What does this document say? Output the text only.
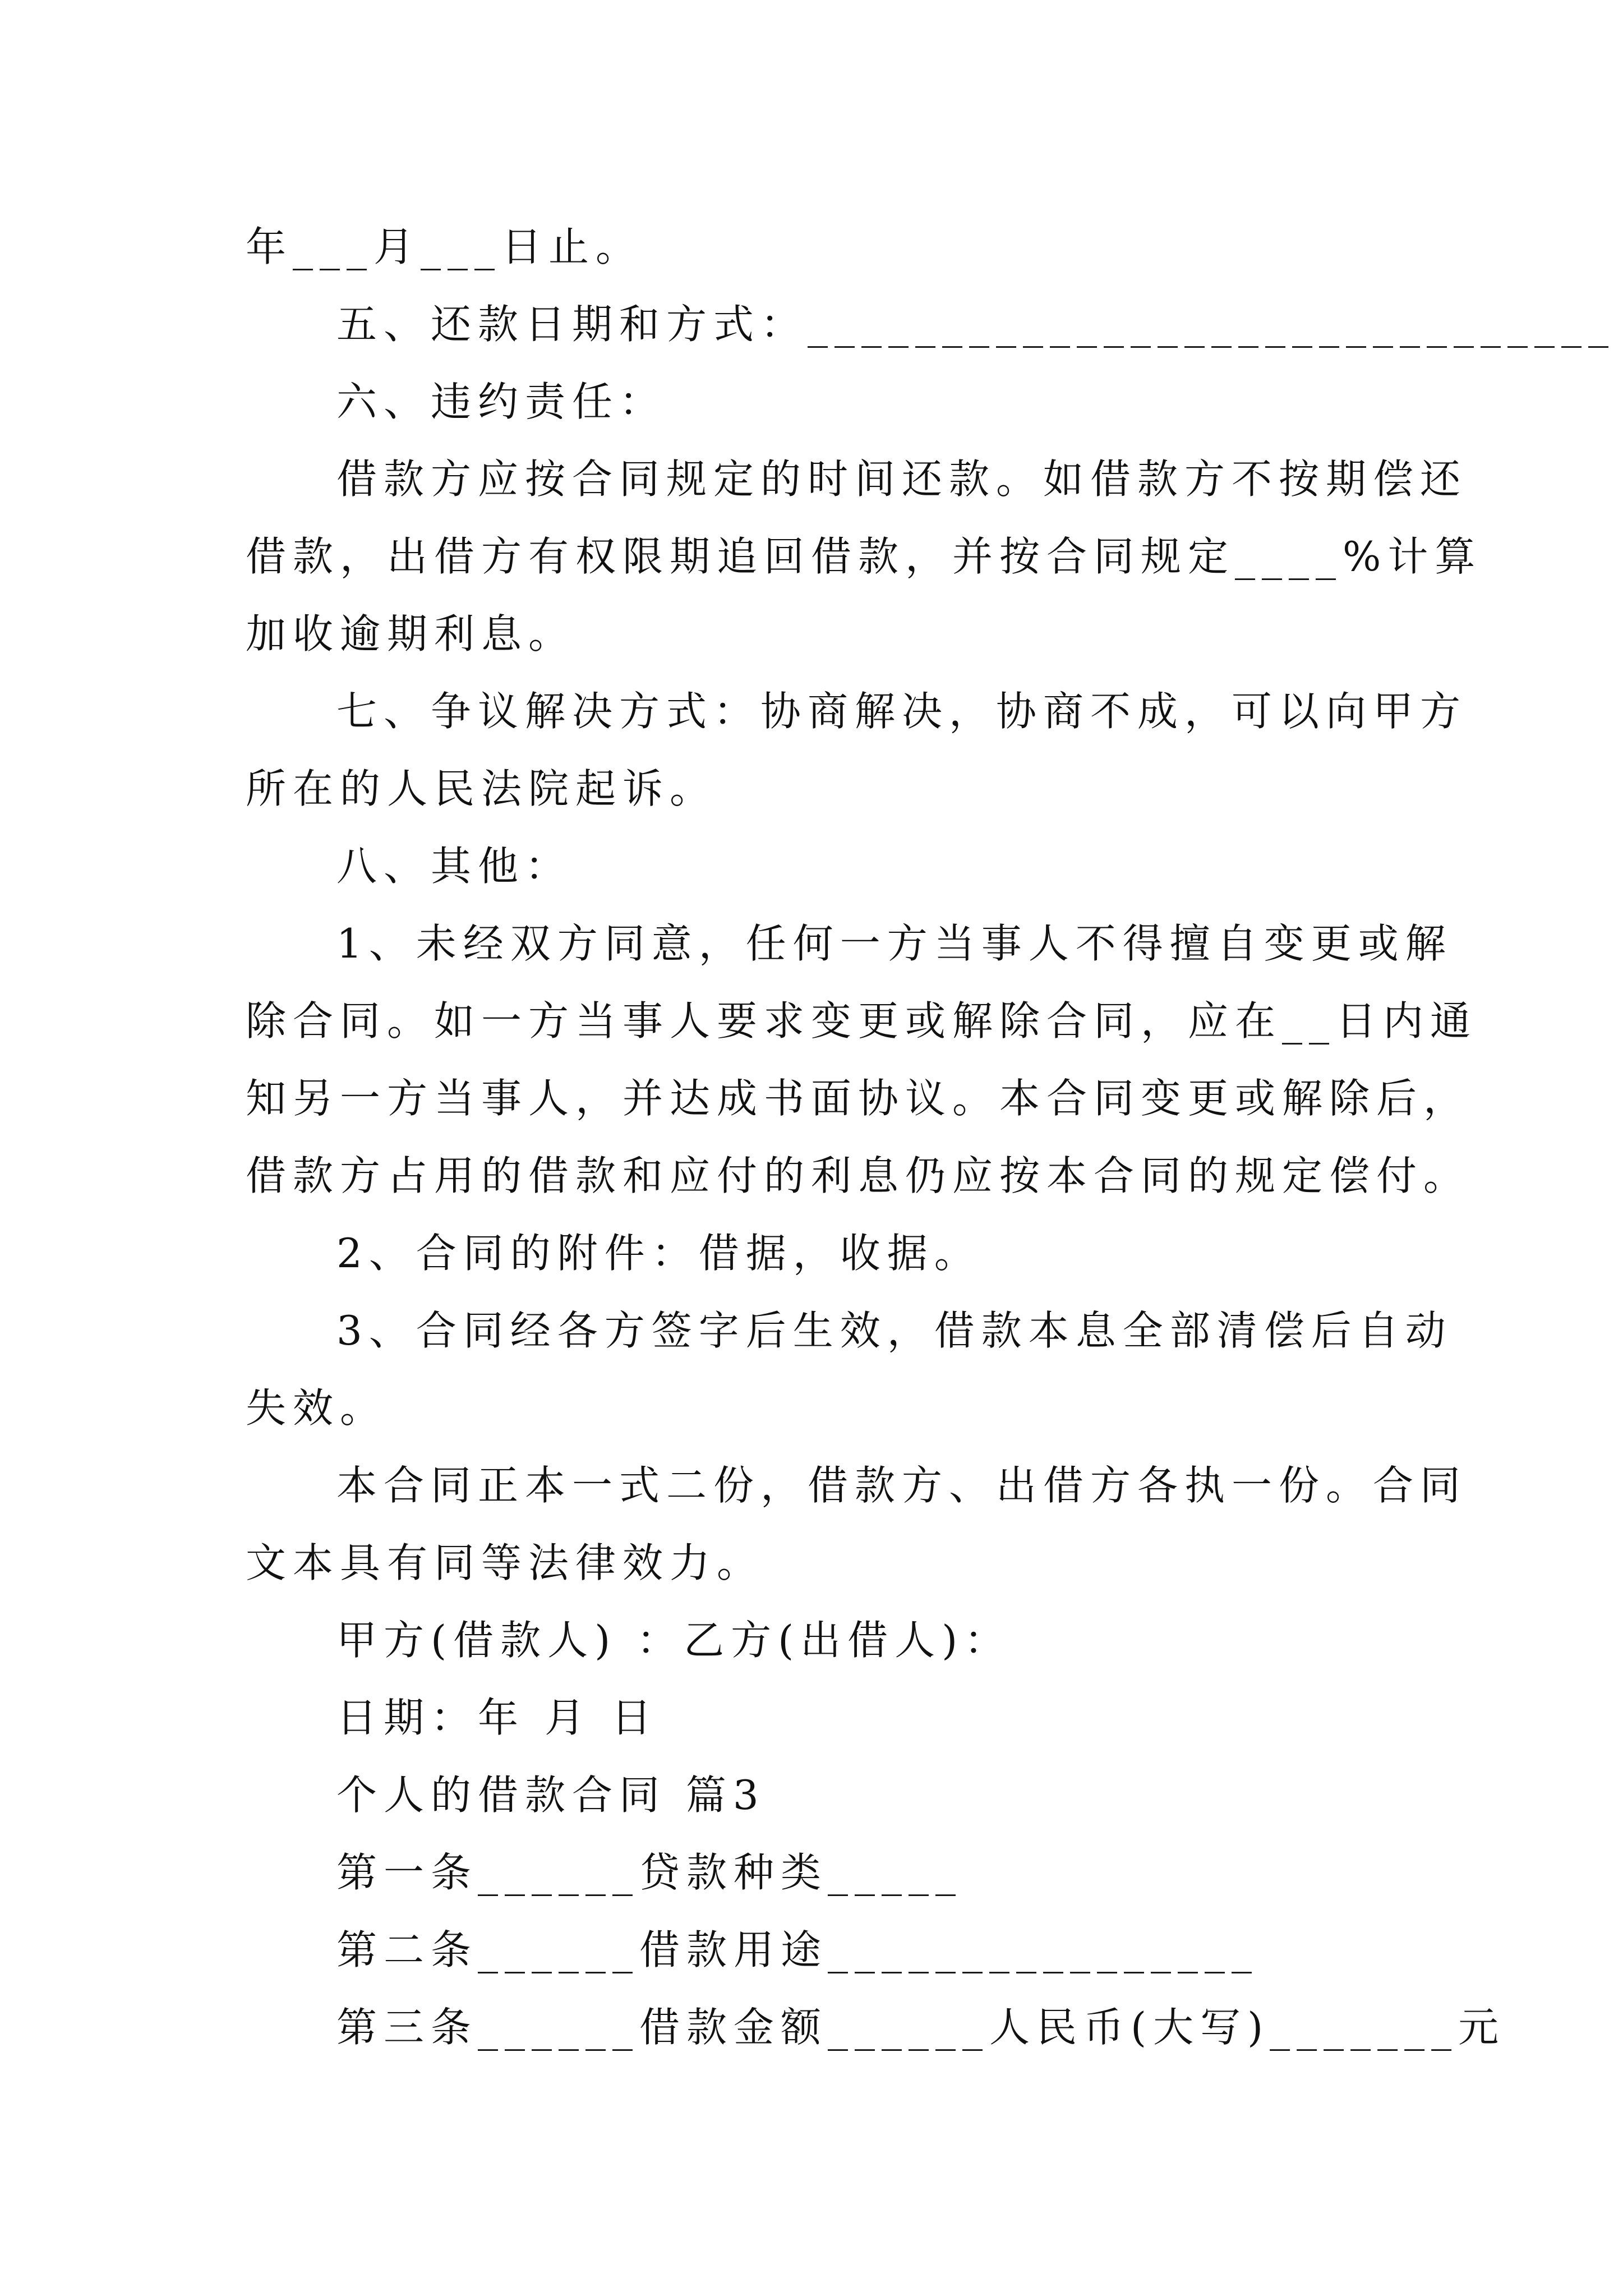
年___月___日止。
五、还款日期和方式：______________________________
六、违约责任：
借款方应按合同规定的时间还款。如借款方不按期偿还
借款，出借方有权限期追回借款，并按合同规定____%计算
加收逾期利息。
七、争议解决方式：协商解决，协商不成，可以向甲方
所在的人民法院起诉。
八、其他：
1、未经双方同意，任何一方当事人不得擅自变更或解
除合同。如一方当事人要求变更或解除合同，应在__日内通
知另一方当事人，并达成书面协议。本合同变更或解除后，
借款方占用的借款和应付的利息仍应按本合同的规定偿付。
2、合同的附件：借据，收据。
3、合同经各方签字后生效，借款本息全部清偿后自动
失效。
本合同正本一式二份，借款方、出借方各执一份。合同
文本具有同等法律效力。
甲方(借款人) ：乙方(出借人)：
日期：年 月 日
个人的借款合同 篇3
第一条______贷款种类_____
第二条______借款用途________________
第三条______借款金额______人民币(大写)_______元
